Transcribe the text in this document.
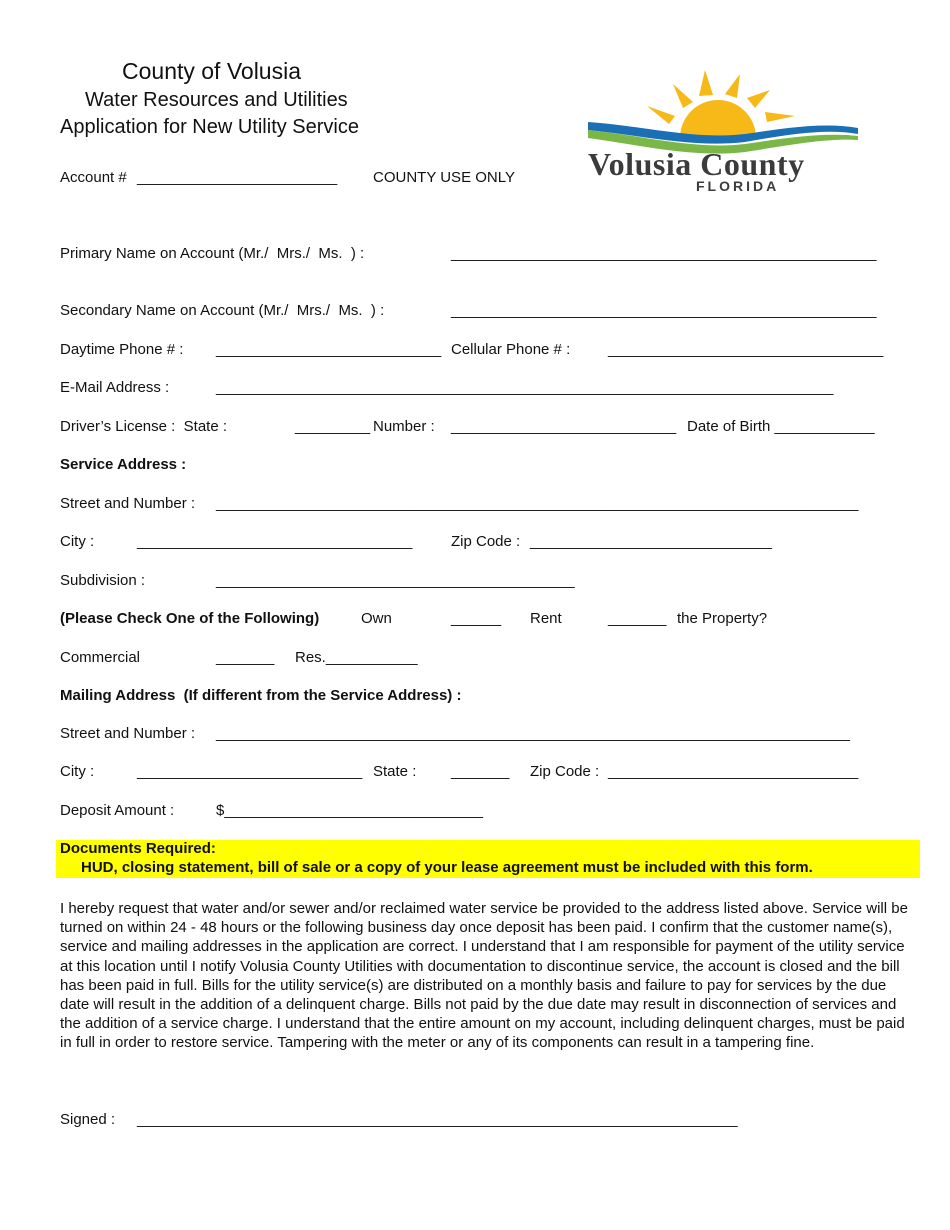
County of Volusia
Water Resources and Utilities
Application for New Utility Service
Volusia County
FLORIDA
Account # ________________________ COUNTY USE ONLY
Primary Name on Account (Mr./  Mrs./  Ms.  ) :	___________________________________________________
Secondary Name on Account (Mr./  Mrs./  Ms.  ) :	___________________________________________________
Daytime Phone # : ___________________________ Cellular Phone # :	_________________________________
E-Mail Address :	__________________________________________________________________________
Driver’s License :  State :	_________ Number : ___________________________ Date of Birth ____________
Service Address :
Street and Number : _____________________________________________________________________________
City :	_________________________________	Zip Code : _____________________________
Subdivision :	___________________________________________
(Please Check One of the Following)	Own	______ Rent	_______ the Property?
Commercial	_______ Res.___________
Mailing Address  (If different from the Service Address) :
Street and Number : ____________________________________________________________________________
City :	___________________________ State : _______ Zip Code : ______________________________
Deposit Amount :	$_______________________________
Documents Required:
HUD, closing statement, bill of sale or a copy of your lease agreement must be included with this form.
I hereby request that water and/or sewer and/or reclaimed water service be provided to the address listed above. Service will be turned on within 24 - 48 hours or the following business day once deposit has been paid. I confirm that the customer name(s), service and mailing addresses in the application are correct. I understand that I am responsible for payment of the utility service at this location until I notify Volusia County Utilities with documentation to discontinue service, the account is closed and the bill has been paid in full. Bills for the utility service(s) are distributed on a monthly basis and failure to pay for services by the due date will result in the addition of a delinquent charge. Bills not paid by the due date may result in disconnection of services and the addition of a service charge. I understand that the entire amount on my account, including delinquent charges, must be paid in full in order to restore service. Tampering with the meter or any of its components can result in a tampering fine.
Signed : ________________________________________________________________________
